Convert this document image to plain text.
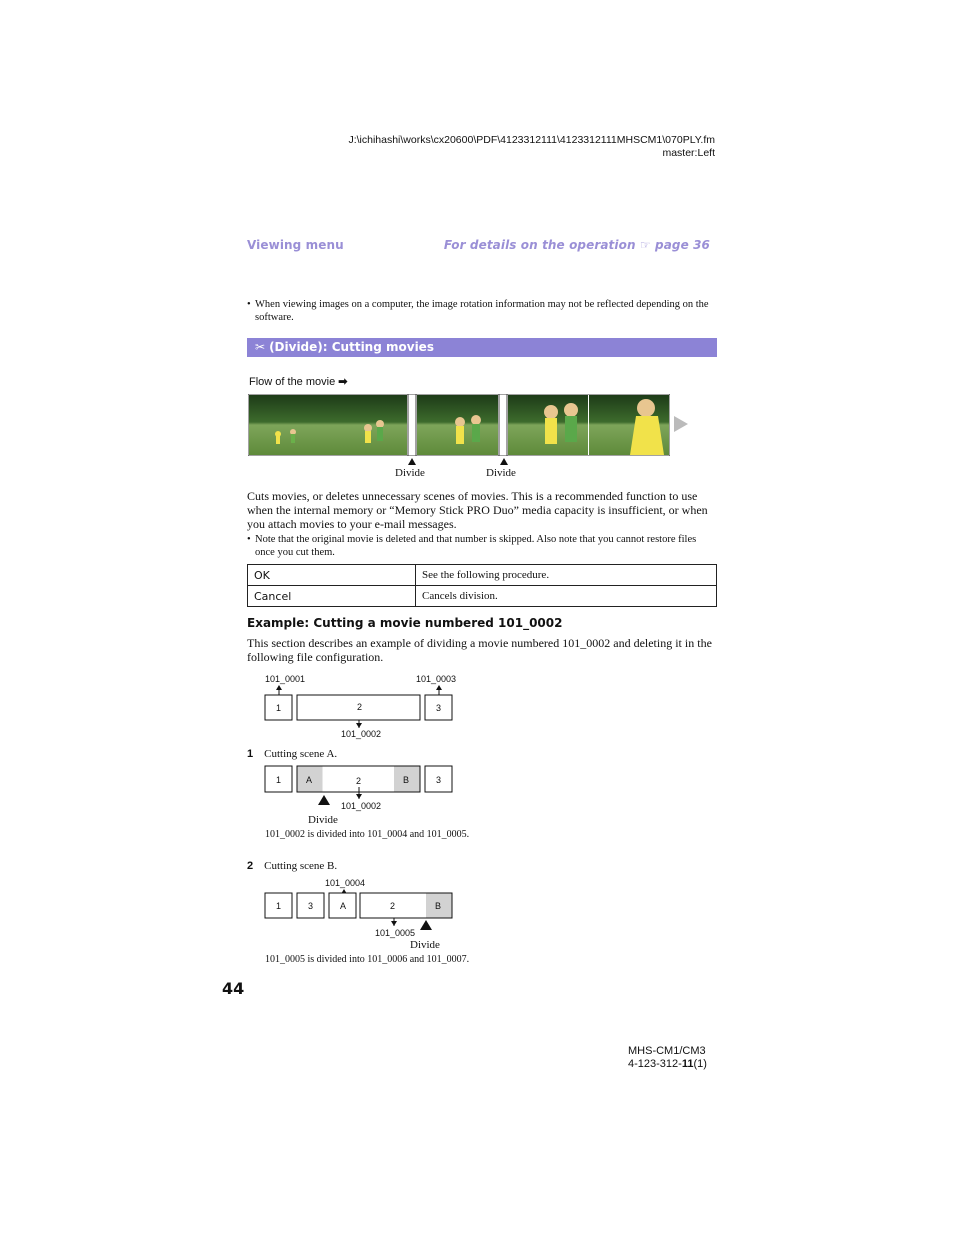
J:\ichihashi\works\cx20600\PDF\4123312111\4123312111MHSCM1\070PLY.fm
master:Left
Viewing menu	For details on the operation ☞ page 36
• When viewing images on a computer, the image rotation information may not be reflected depending on the software.
✂ (Divide): Cutting movies
Flow of the movie ➡
Divide	Divide
Cuts movies, or deletes unnecessary scenes of movies. This is a recommended function to use when the internal memory or “Memory Stick PRO Duo” media capacity is insufficient, or when you attach movies to your e-mail messages.
• Note that the original movie is deleted and that number is skipped. Also note that you cannot restore files once you cut them.
OK	See the following procedure.
Cancel	Cancels division.
Example: Cutting a movie numbered 101_0002
This section describes an example of dividing a movie numbered 101_0002 and deleting it in the following file configuration.
101_0001	101_0003
1	2	3
101_0002
1 Cutting scene A.
1	A	2	B	3
101_0002
Divide
101_0002 is divided into 101_0004 and 101_0005.
2 Cutting scene B.
101_0004
1	3	A	2	B
101_0005
Divide
101_0005 is divided into 101_0006 and 101_0007.
44
MHS-CM1/CM3
4-123-312-11(1)
